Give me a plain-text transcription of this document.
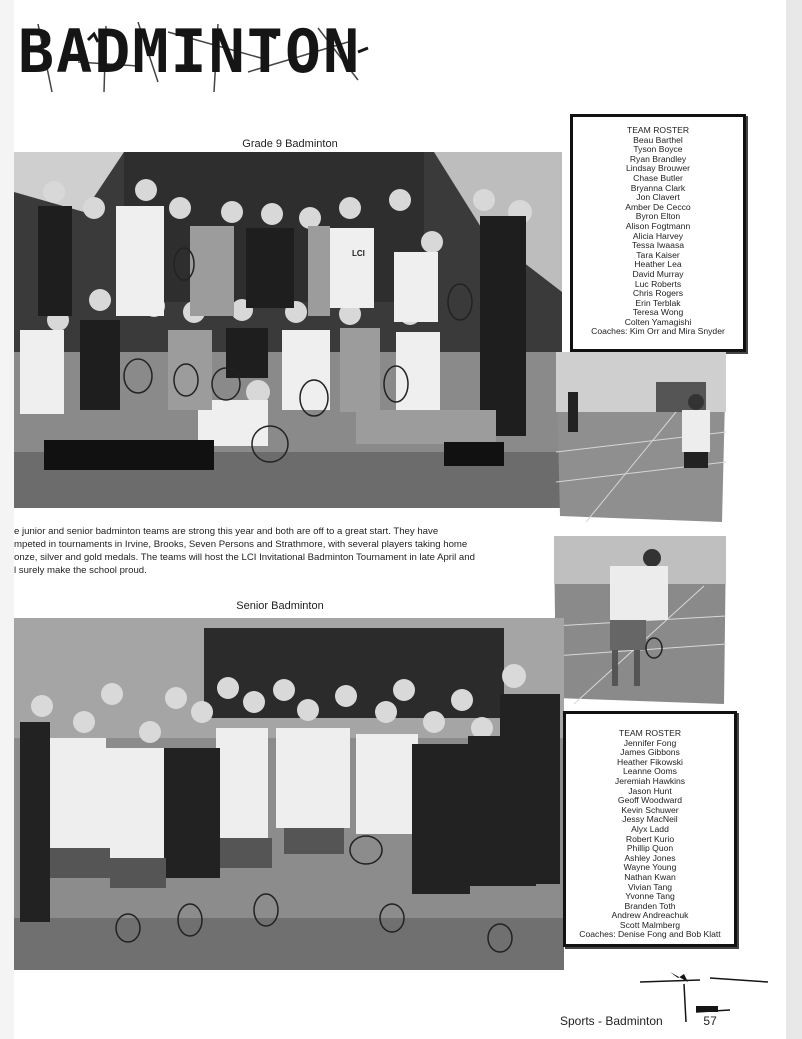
BADMINTON
Grade 9 Badminton
LCI
TEAM ROSTER
Beau Barthel
Tyson Boyce
Ryan Brandley
Lindsay Brouwer
Chase Butler
Bryanna Clark
Jon Clavert
Amber De Cecco
Byron Elton
Alison Fogtmann
Alicia Harvey
Tessa Iwaasa
Tara Kaiser
Heather Lea
David Murray
Luc Roberts
Chris Rogers
Erin Terblak
Teresa Wong
Colten Yamagishi
Coaches: Kim Orr and Mira Snyder
e junior and senior badminton teams are strong this year and both are off to a great start. They have
mpeted in tournaments in Irvine, Brooks, Seven Persons and Strathmore, with several players taking home
onze, silver and gold medals. The teams will host the LCI Invitational Badminton Tournament in late April and
l surely make the school proud.
Senior Badminton
TEAM ROSTER
Jennifer Fong
James Gibbons
Heather Fikowski
Leanne Ooms
Jeremiah Hawkins
Jason Hunt
Geoff Woodward
Kevin Schuwer
Jessy MacNeil
Alyx Ladd
Robert Kurio
Phillip Quon
Ashley Jones
Wayne Young
Nathan Kwan
Vivian Tang
Yvonne Tang
Branden Toth
Andrew Andreachuk
Scott Malmberg
Coaches: Denise Fong and Bob Klatt
Sports - Badminton	57
